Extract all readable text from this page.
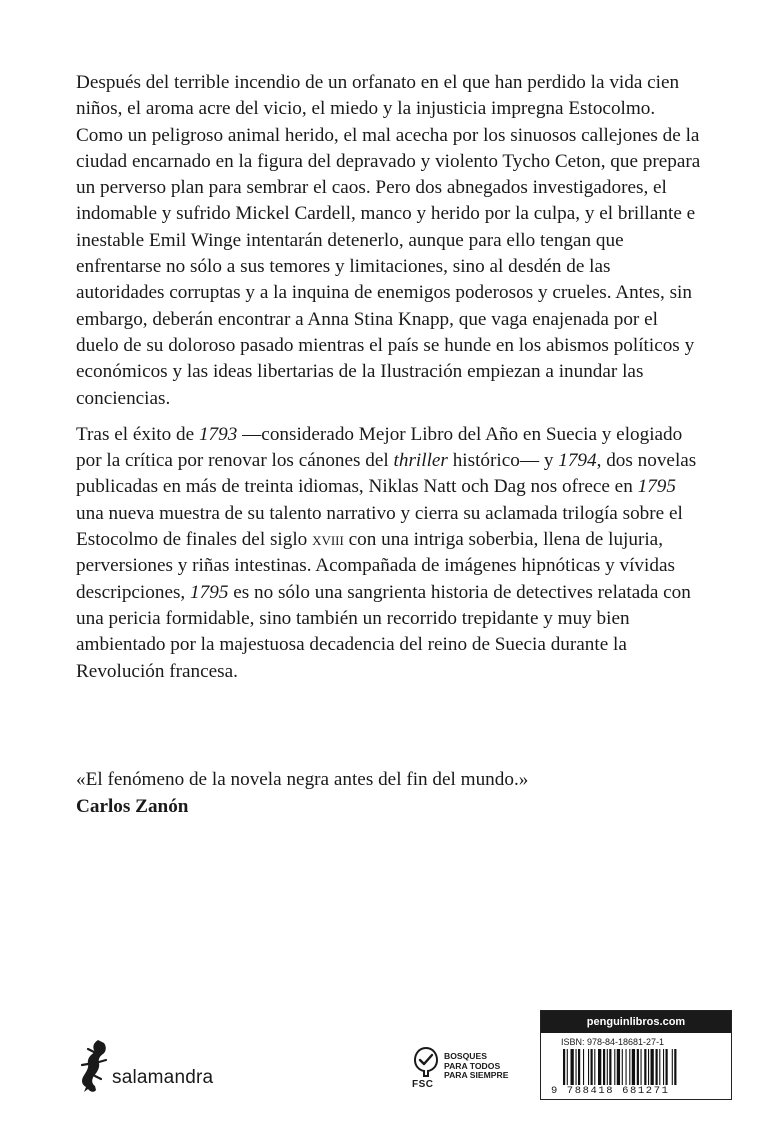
Después del terrible incendio de un orfanato en el que han perdido la vida cien niños, el aroma acre del vicio, el miedo y la injusticia impregna Estocolmo. Como un peligroso animal herido, el mal acecha por los sinuosos callejones de la ciudad encarnado en la figura del depravado y violento Tycho Ceton, que prepara un perverso plan para sembrar el caos. Pero dos abnegados investigadores, el indomable y sufrido Mickel Cardell, manco y herido por la culpa, y el brillante e inestable Emil Winge intentarán detenerlo, aunque para ello tengan que enfrentarse no sólo a sus temores y limitaciones, sino al desdén de las autoridades corruptas y a la inquina de enemigos poderosos y crueles. Antes, sin embargo, deberán encontrar a Anna Stina Knapp, que vaga enajenada por el duelo de su doloroso pasado mientras el país se hunde en los abismos políticos y económicos y las ideas libertarias de la Ilustración empiezan a inundar las conciencias.

Tras el éxito de 1793 —considerado Mejor Libro del Año en Suecia y elogiado por la crítica por renovar los cánones del thriller histórico— y 1794, dos novelas publicadas en más de treinta idiomas, Niklas Natt och Dag nos ofrece en 1795 una nueva muestra de su talento narrativo y cierra su aclamada trilogía sobre el Estocolmo de finales del siglo xviii con una intriga soberbia, llena de lujuria, perversiones y riñas intestinas. Acompañada de imágenes hipnóticas y vívidas descripciones, 1795 es no sólo una sangrienta historia de detectives relatada con una pericia formidable, sino también un recorrido trepidante y muy bien ambientado por la majestuosa decadencia del reino de Suecia durante la Revolución francesa.

«El fenómeno de la novela negra antes del fin del mundo.»
Carlos Zanón
salamandra	FSC
BOSQUES
PARA TODOS
PARA SIEMPRE
penguinlibros.com
ISBN: 978-84-18681-27-1
9 788418 681271
